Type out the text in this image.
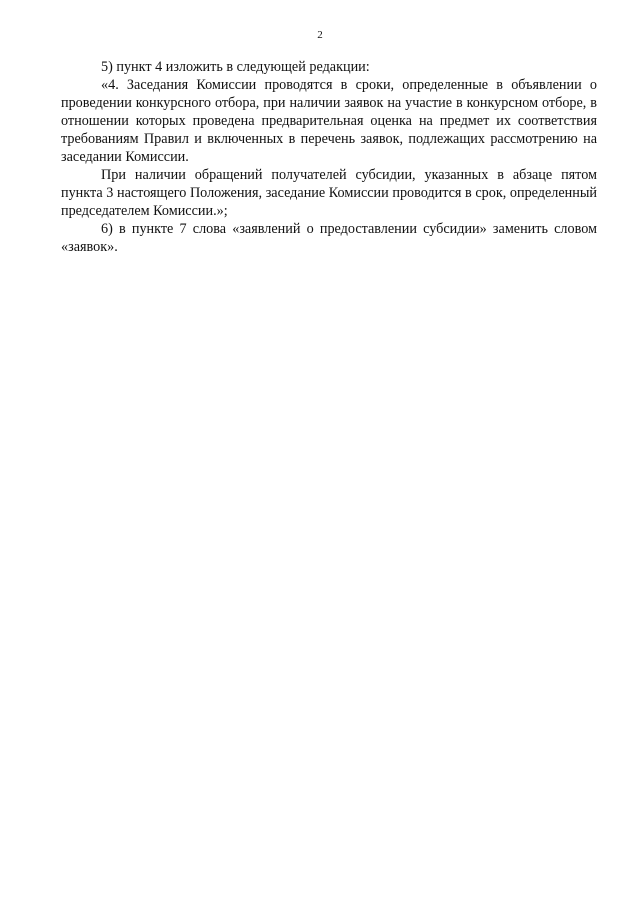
2

5) пункт 4 изложить в следующей редакции:

«4. Заседания Комиссии проводятся в сроки, определенные в объявлении о проведении конкурсного отбора, при наличии заявок на участие в конкурсном отборе, в отношении которых проведена предварительная оценка на предмет их соответствия требованиям Правил и включенных в перечень заявок, подлежащих рассмотрению на заседании Комиссии.

При наличии обращений получателей субсидии, указанных в абзаце пятом пункта 3 настоящего Положения, заседание Комиссии проводится в срок, определенный председателем Комиссии.»;

6) в пункте 7 слова «заявлений о предоставлении субсидии» заменить словом «заявок».
